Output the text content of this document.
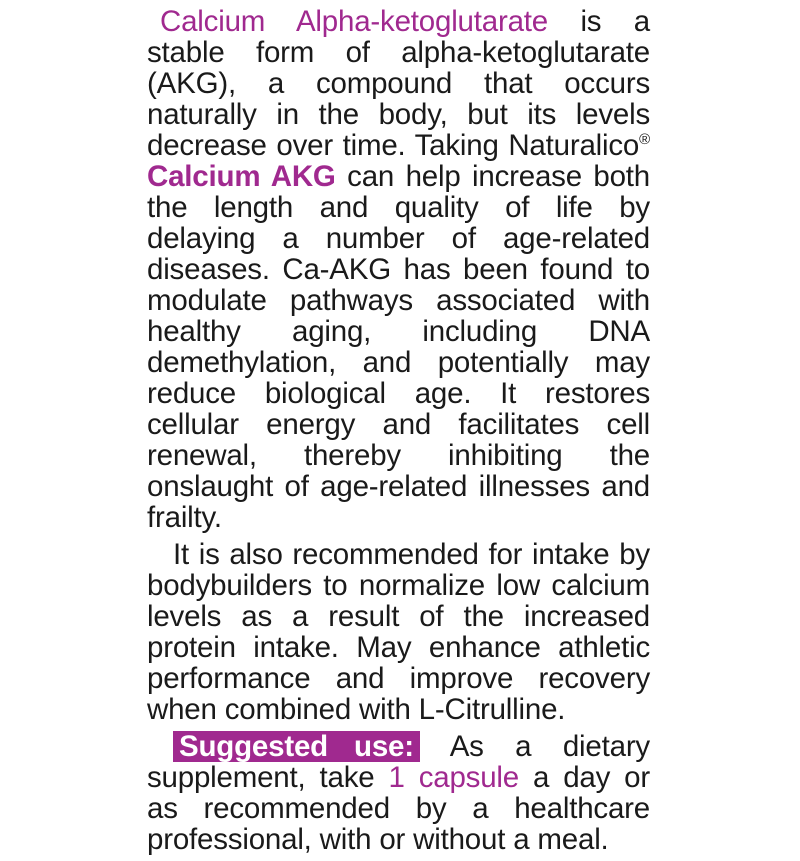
Calcium Alpha-ketoglutarate is a stable form of alpha-ketoglutarate (AKG), a compound that occurs naturally in the body, but its levels decrease over time. Taking Naturalico® Calcium AKG can help increase both the length and quality of life by delaying a number of age-related diseases. Ca-AKG has been found to modulate pathways associated with healthy aging, including DNA demethylation, and potentially may reduce biological age. It restores cellular energy and facilitates cell renewal, thereby inhibiting the onslaught of age-related illnesses and frailty.

It is also recommended for intake by bodybuilders to normalize low calcium levels as a result of the increased protein intake. May enhance athletic performance and improve recovery when combined with L-Citrulline.

Suggested use: As a dietary supplement, take 1 capsule a day or as recommended by a healthcare professional, with or without a meal.
